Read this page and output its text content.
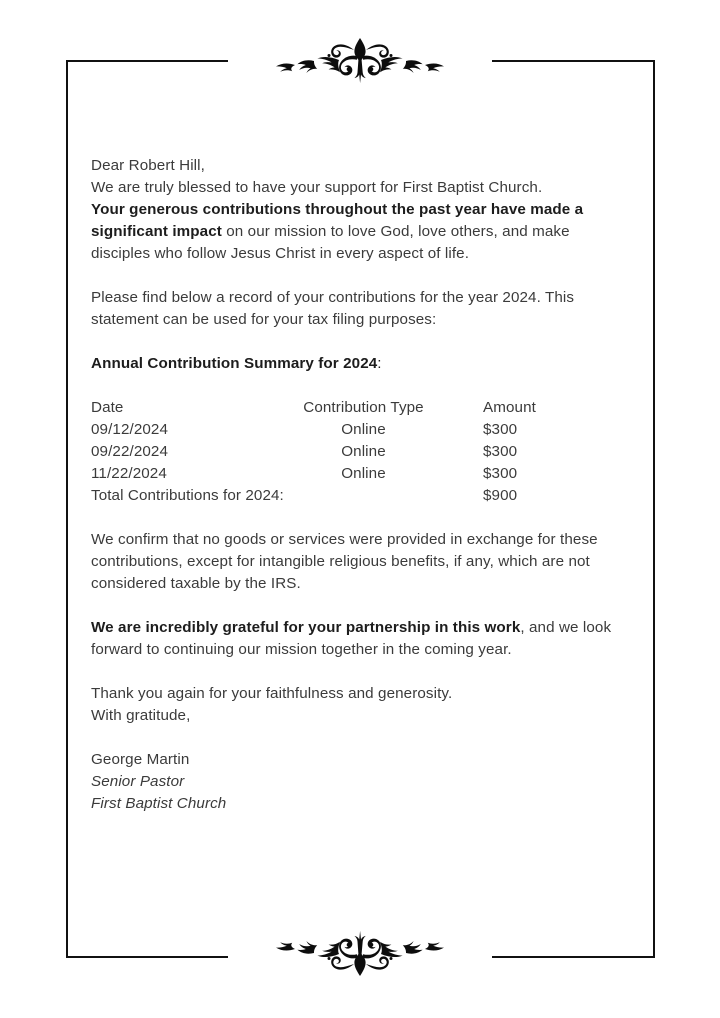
Dear Robert Hill,

We are truly blessed to have your support for First Baptist Church.
Your generous contributions throughout the past year have made a significant impact on our mission to love God, love others, and make disciples who follow Jesus Christ in every aspect of life.

Please find below a record of your contributions for the year 2024. This statement can be used for your tax filing purposes:

Annual Contribution Summary for 2024:

Date	Contribution Type	Amount
09/12/2024	Online	$300
09/22/2024	Online	$300
11/22/2024	Online	$300
Total Contributions for 2024:		$900

We confirm that no goods or services were provided in exchange for these contributions, except for intangible religious benefits, if any, which are not considered taxable by the IRS.

We are incredibly grateful for your partnership in this work, and we look forward to continuing our mission together in the coming year.

Thank you again for your faithfulness and generosity.
With gratitude,

George Martin
Senior Pastor
First Baptist Church
